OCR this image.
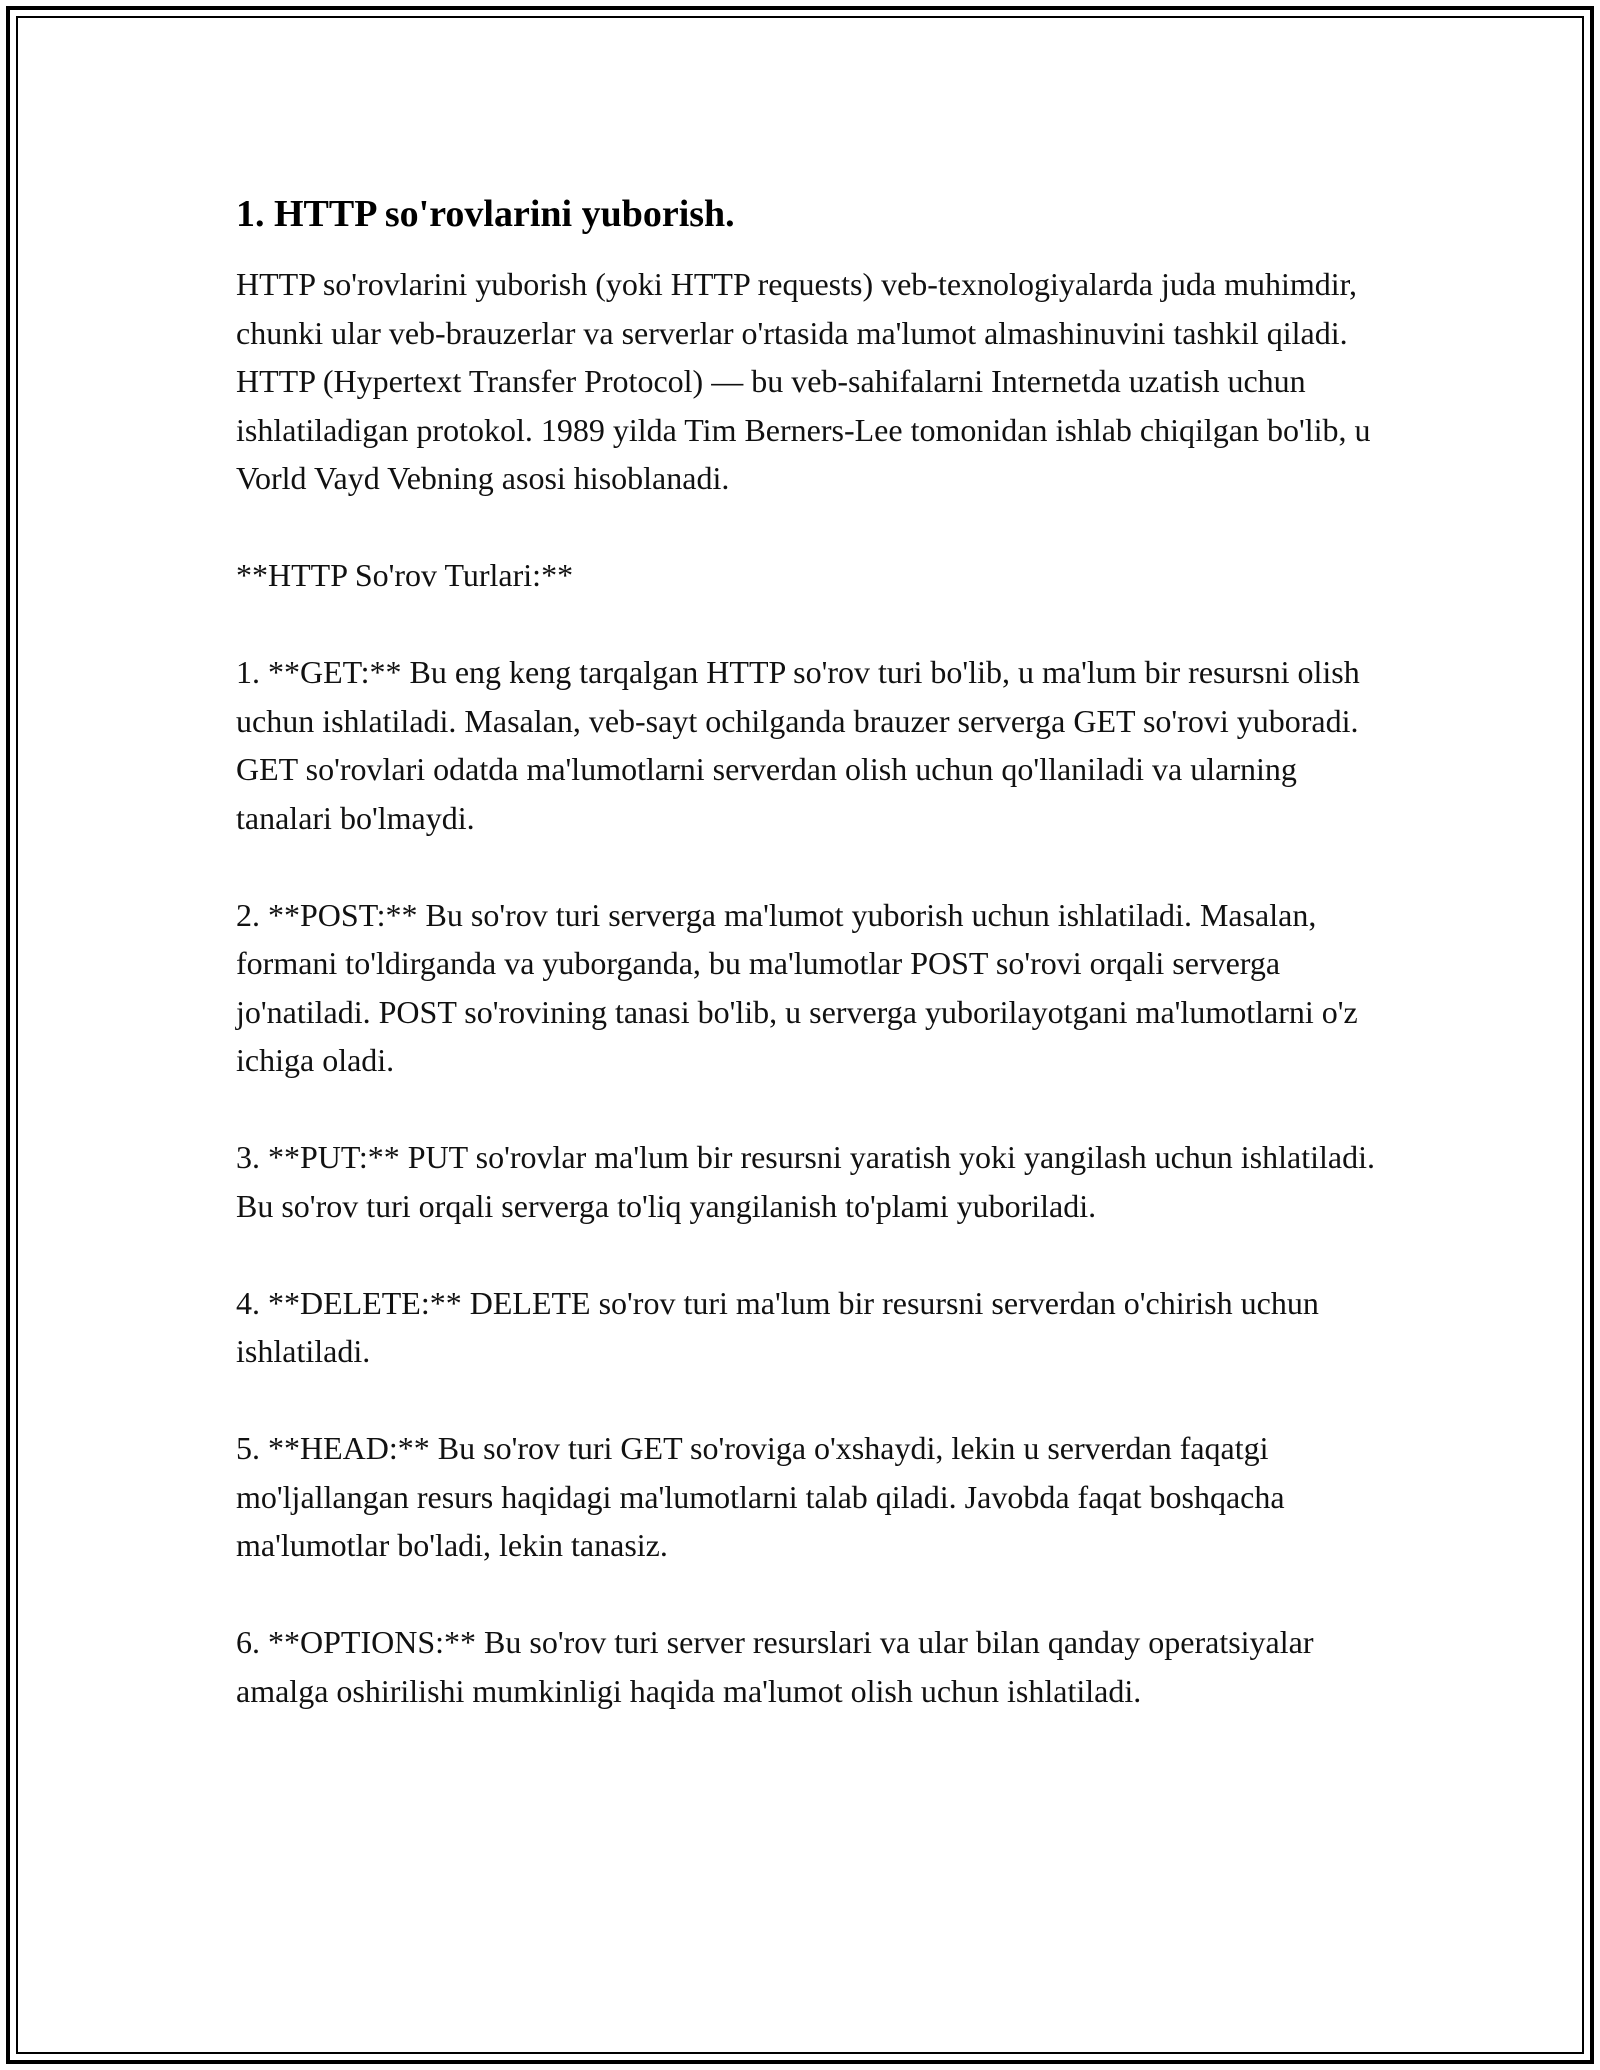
1. HTTP so'rovlarini yuborish.

HTTP so'rovlarini yuborish (yoki HTTP requests) veb-texnologiyalarda juda muhimdir, chunki ular veb-brauzerlar va serverlar o'rtasida ma'lumot almashinuvini tashkil qiladi. HTTP (Hypertext Transfer Protocol) — bu veb-sahifalarni Internetda uzatish uchun ishlatiladigan protokol. 1989 yilda Tim Berners-Lee tomonidan ishlab chiqilgan bo'lib, u Vorld Vayd Vebning asosi hisoblanadi.

**HTTP So'rov Turlari:**

1. **GET:** Bu eng keng tarqalgan HTTP so'rov turi bo'lib, u ma'lum bir resursni olish uchun ishlatiladi. Masalan, veb-sayt ochilganda brauzer serverga GET so'rovi yuboradi. GET so'rovlari odatda ma'lumotlarni serverdan olish uchun qo'llaniladi va ularning tanalari bo'lmaydi.

2. **POST:** Bu so'rov turi serverga ma'lumot yuborish uchun ishlatiladi. Masalan, formani to'ldirganda va yuborganda, bu ma'lumotlar POST so'rovi orqali serverga jo'natiladi. POST so'rovining tanasi bo'lib, u serverga yuborilayotgani ma'lumotlarni o'z ichiga oladi.

3. **PUT:** PUT so'rovlar ma'lum bir resursni yaratish yoki yangilash uchun ishlatiladi. Bu so'rov turi orqali serverga to'liq yangilanish to'plami yuboriladi.

4. **DELETE:** DELETE so'rov turi ma'lum bir resursni serverdan o'chirish uchun ishlatiladi.

5. **HEAD:** Bu so'rov turi GET so'roviga o'xshaydi, lekin u serverdan faqatgi mo'ljallangan resurs haqidagi ma'lumotlarni talab qiladi. Javobda faqat boshqacha ma'lumotlar bo'ladi, lekin tanasiz.

6. **OPTIONS:** Bu so'rov turi server resurslari va ular bilan qanday operatsiyalar amalga oshirilishi mumkinligi haqida ma'lumot olish uchun ishlatiladi.
